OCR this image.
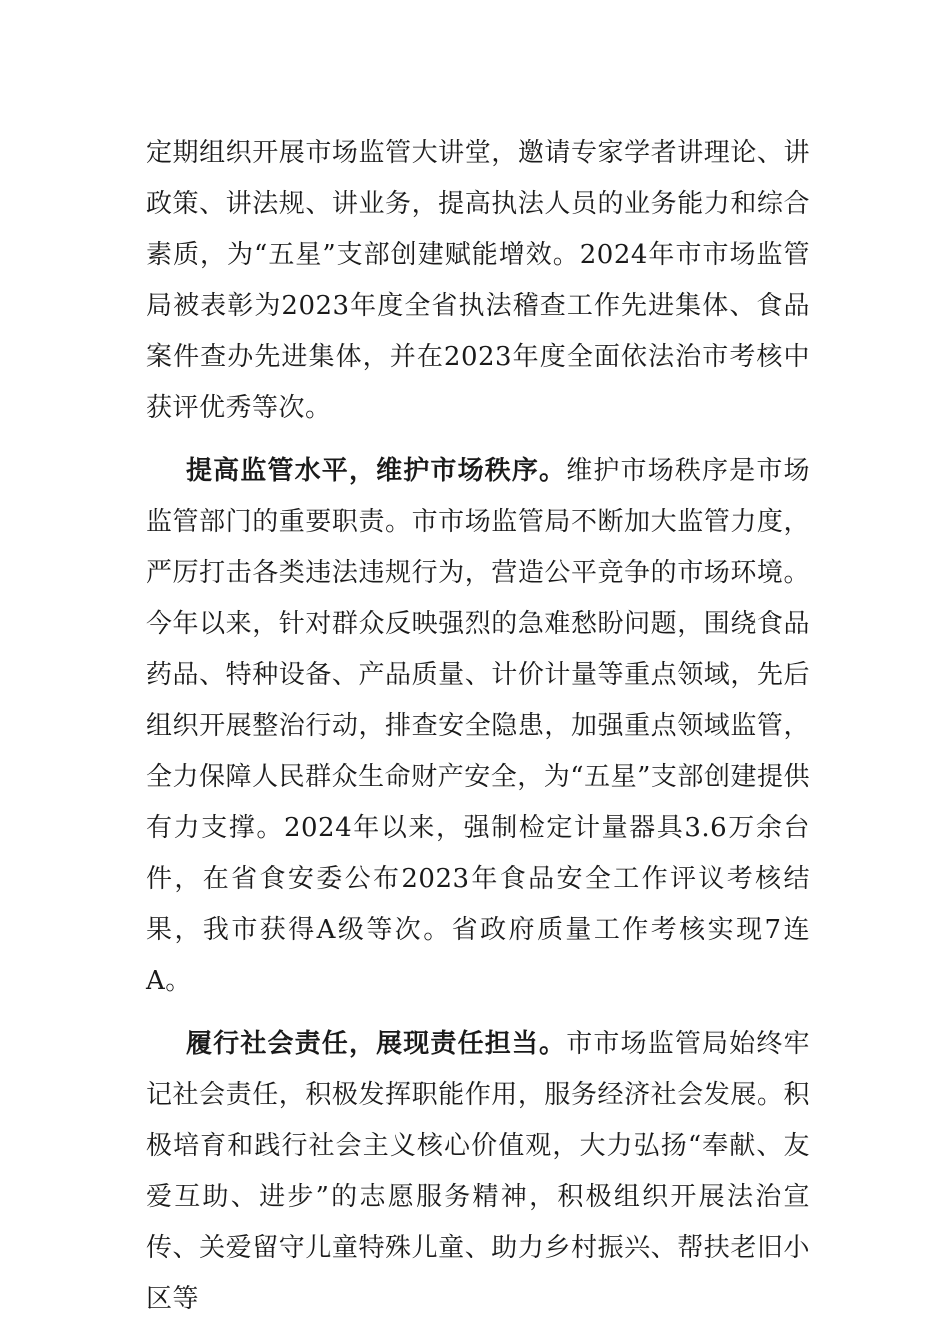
定期组织开展市场监管大讲堂，邀请专家学者讲理论、讲政策、讲法规、讲业务，提高执法人员的业务能力和综合素质，为“五星”支部创建赋能增效。2024年市市场监管局被表彰为2023年度全省执法稽查工作先进集体、食品案件查办先进集体，并在2023年度全面依法治市考核中获评优秀等次。

提高监管水平，维护市场秩序。维护市场秩序是市场监管部门的重要职责。市市场监管局不断加大监管力度，严厉打击各类违法违规行为，营造公平竞争的市场环境。今年以来，针对群众反映强烈的急难愁盼问题，围绕食品药品、特种设备、产品质量、计价计量等重点领域，先后组织开展整治行动，排查安全隐患，加强重点领域监管，全力保障人民群众生命财产安全，为“五星”支部创建提供有力支撑。2024年以来，强制检定计量器具3.6万余台件，在省食安委公布2023年食品安全工作评议考核结果，我市获得A级等次。省政府质量工作考核实现7连A。

履行社会责任，展现责任担当。市市场监管局始终牢记社会责任，积极发挥职能作用，服务经济社会发展。积极培育和践行社会主义核心价值观，大力弘扬“奉献、友爱互助、进步”的志愿服务精神，积极组织开展法治宣传、关爱留守儿童特殊儿童、助力乡村振兴、帮扶老旧小区等
